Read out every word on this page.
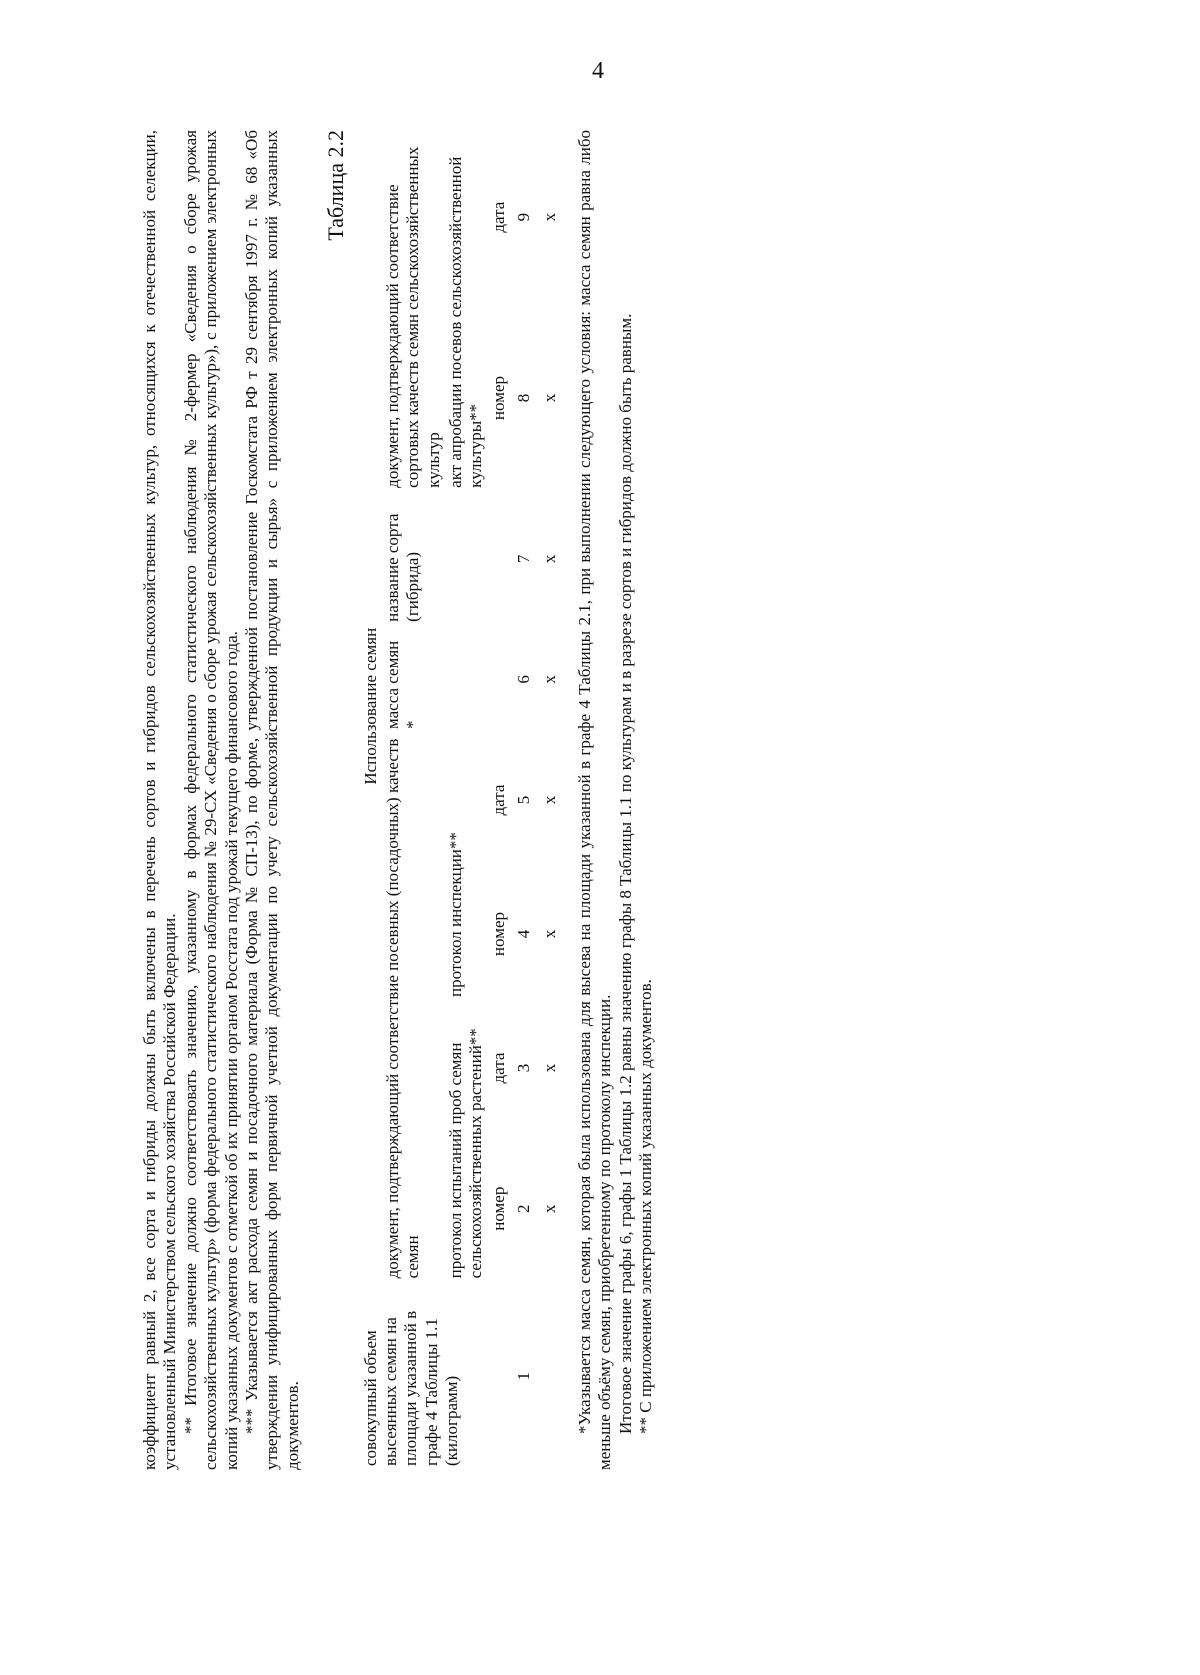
4

коэффициент равный 2, все сорта и гибриды должны быть включены в перечень сортов и гибридов сельскохозяйственных культур, относящихся к отечественной селекции, установленный Министерством сельского хозяйства Российской Федерации. ** Итоговое значение должно соответствовать значению, указанному в формах федерального статистического наблюдения № 2-фермер «Сведения о сборе урожая сельскохозяйственных культур» (форма федерального статистического наблюдения № 29-СХ «Сведения о сборе урожая сельскохозяйственных культур»), с приложением электронных копий указанных документов с отметкой об их принятии органом Росстата под урожай текущего финансового года. *** Указывается акт расхода семян и посадочного материала (Форма № СП-13), по форме, утвержденной постановление Госкомстата РФ т 29 сентября 1997 г. № 68 «Об утверждении унифицированных форм первичной учетной документации по учету сельскохозяйственной продукции и сырья» с приложением электронных копий указанных документов.

Таблица 2.2
совокупный объем высеянных семян на площади указанной в графе 4 Таблицы 1.1 (килограмм)	Использование семян							
	документ, подтверждающий соответствие посевных (посадочных) качеств семян				масса семян *	название сорта (гибрида)	документ, подтверждающий соответствие сортовых качеств семян сельскохозяйственных культур	
	протокол испытаний проб семян сельскохозяйственных растений**		протокол инспекции**				акт апробации посевов сельскохозяйственной культуры**	
	номер	дата	номер	дата			номер	дата
1	2	3	4	5	6	7	8	9
	x	x	x	x	x	x	x	x *Указывается масса семян, которая была использована для высева на площади указанной в графе 4 Таблицы 2.1, при выполнении следующего условия: масса семян равна либо меньше объёму семян, приобретенному по протоколу инспекции. Итоговое значение графы 6, графы 1 Таблицы 1.2 равны значению графы 8 Таблицы 1.1 по культурам и в разрезе сортов и гибридов должно быть равным. ** С приложением электронных копий указанных документов.
